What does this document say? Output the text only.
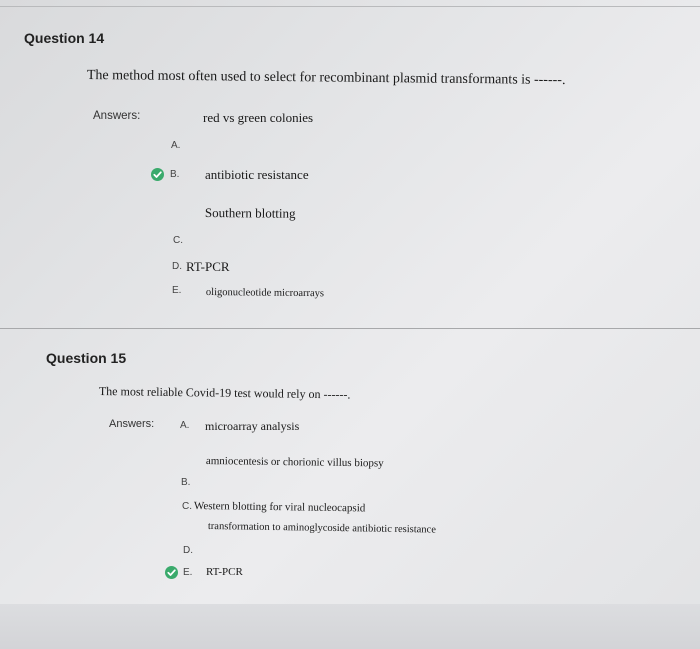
Question 14
The method most often used to select for recombinant plasmid transformants is ------.
Answers:
A.
red vs green colonies
B. antibiotic resistance
Southern blotting
C.
D. RT-PCR
E. oligonucleotide microarrays
Question 15
The most reliable Covid-19 test would rely on ------.
Answers:	A. microarray analysis
amniocentesis or chorionic villus biopsy
B.
C. Western blotting for viral nucleocapsid
transformation to aminoglycoside antibiotic resistance
D.
E. RT-PCR
